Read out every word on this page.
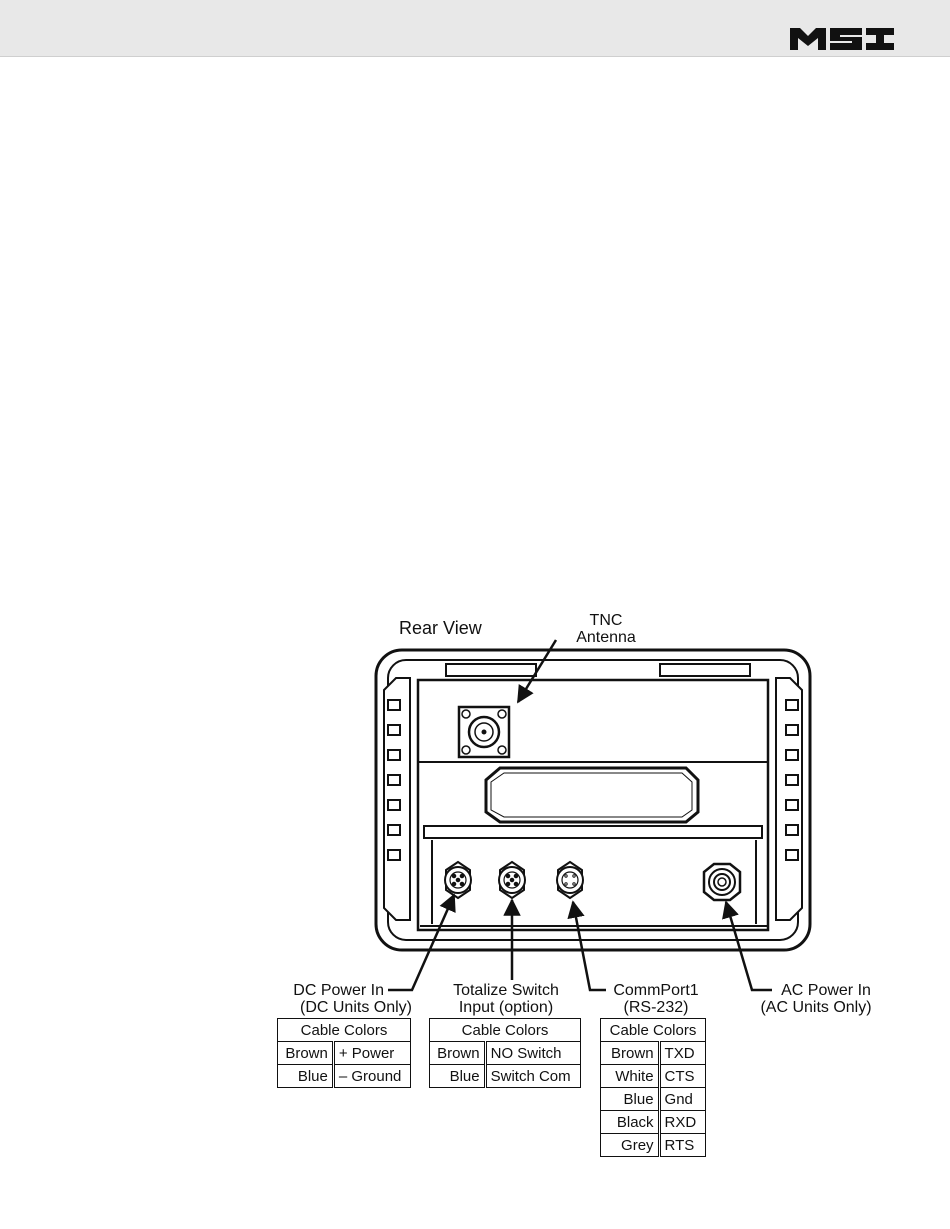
Rear View	TNC
Antenna
DC Power In
(DC Units Only)
Totalize Switch
Input (option)
CommPort1
(RS-232)
AC Power In
(AC Units Only)
Cable Colors	
Brown	+ Power
Blue	– Ground
Cable Colors	
Brown	NO Switch
Blue	Switch Com
Cable Colors	
Brown	TXD
White	CTS
Blue	Gnd
Black	RXD
Grey	RTS
